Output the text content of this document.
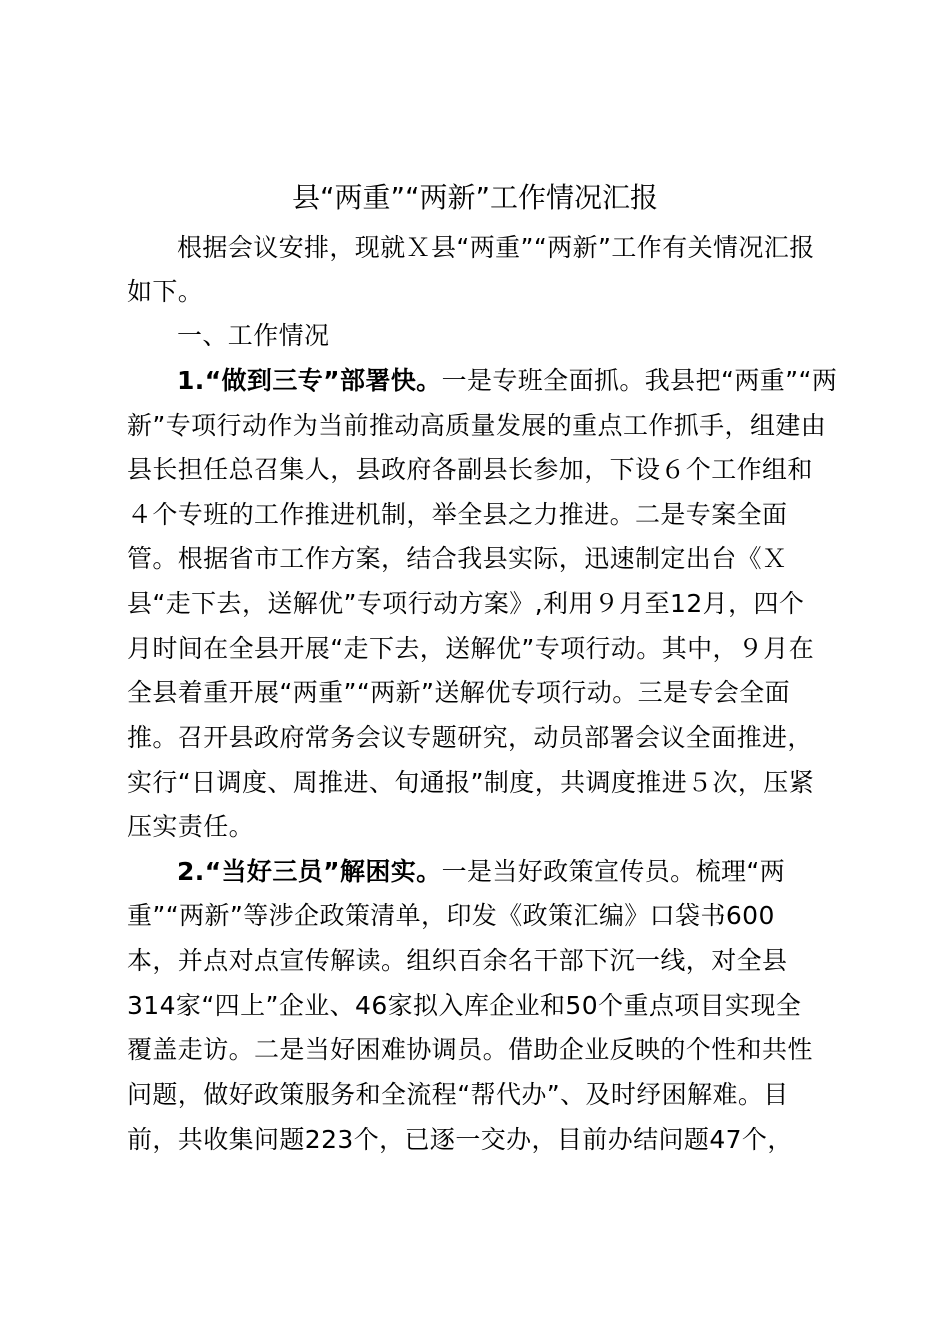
县“两重”“两新”工作情况汇报
根据会议安排，现就Ｘ县“两重”“两新”工作有关情况汇报
如下。
一、工作情况
1.“做到三专”部署快。一是专班全面抓。我县把“两重”“两
新”专项行动作为当前推动高质量发展的重点工作抓手，组建由
县长担任总召集人，县政府各副县长参加，下设６个工作组和
４个专班的工作推进机制，举全县之力推进。二是专案全面
管。根据省市工作方案，结合我县实际，迅速制定出台《Ｘ
县“走下去，送解优”专项行动方案》,利用９月至12月，四个
月时间在全县开展“走下去，送解优”专项行动。其中，９月在
全县着重开展“两重”“两新”送解优专项行动。三是专会全面
推。召开县政府常务会议专题研究，动员部署会议全面推进，
实行“日调度、周推进、旬通报”制度，共调度推进５次，压紧
压实责任。
2.“当好三员”解困实。一是当好政策宣传员。梳理“两
重”“两新”等涉企政策清单，印发《政策汇编》口袋书600
本，并点对点宣传解读。组织百余名干部下沉一线，对全县
314家“四上”企业、46家拟入库企业和50个重点项目实现全
覆盖走访。二是当好困难协调员。借助企业反映的个性和共性
问题，做好政策服务和全流程“帮代办”、及时纾困解难。目
前，共收集问题223个，已逐一交办，目前办结问题47个，
